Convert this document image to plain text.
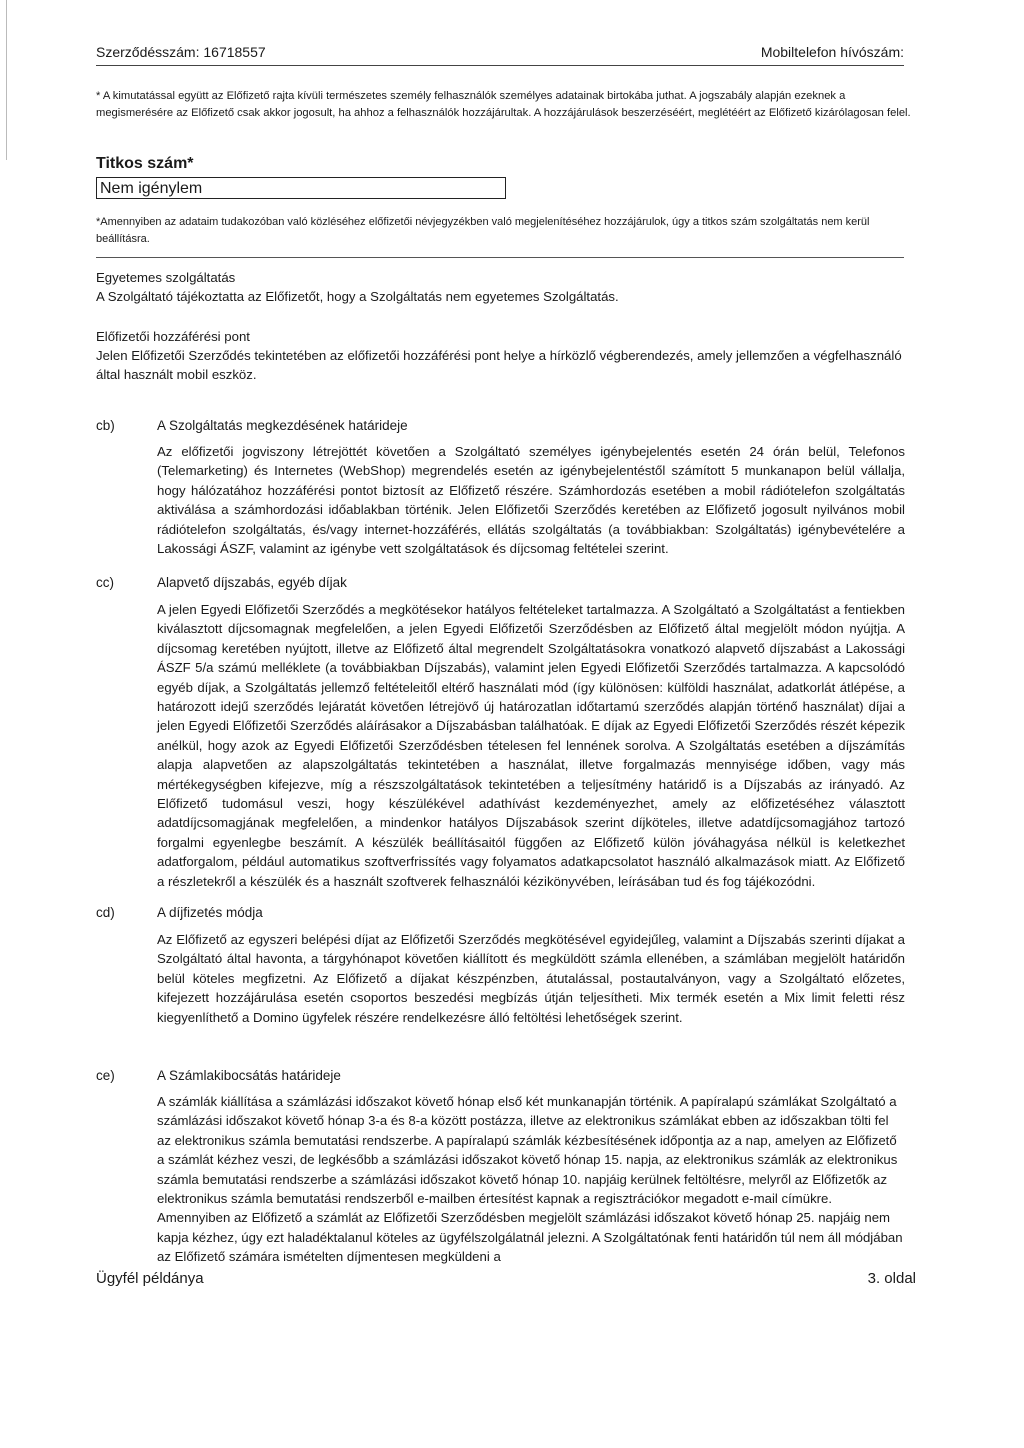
Szerződésszám: 16718557	Mobiltelefon hívószám:
* A kimutatással együtt az Előfizető rajta kívüli természetes személy felhasználók személyes adatainak birtokába juthat. A jogszabály alapján ezeknek a megismerésére az Előfizető csak akkor jogosult, ha ahhoz a felhasználók hozzájárultak. A hozzájárulások beszerzéséért, meglétéért az Előfizető kizárólagosan felel.
Titkos szám*
Nem igénylem
*Amennyiben az adataim tudakozóban való közléséhez előfizetői névjegyzékben való megjelenítéséhez hozzájárulok, úgy a titkos szám szolgáltatás nem kerül beállításra.
Egyetemes szolgáltatás
A Szolgáltató tájékoztatta az Előfizetőt, hogy a Szolgáltatás nem egyetemes Szolgáltatás.
Előfizetői hozzáférési pont
Jelen Előfizetői Szerződés tekintetében az előfizetői hozzáférési pont helye a hírközlő végberendezés, amely jellemzően a végfelhasználó által használt mobil eszköz.
cb)	A Szolgáltatás megkezdésének határideje
Az előfizetői jogviszony létrejöttét követően a Szolgáltató személyes igénybejelentés esetén 24 órán belül, Telefonos (Telemarketing) és Internetes (WebShop) megrendelés esetén az igénybejelentéstől számított 5 munkanapon belül vállalja, hogy hálózatához hozzáférési pontot biztosít az Előfizető részére. Számhordozás esetében a mobil rádiótelefon szolgáltatás aktiválása a számhordozási időablakban történik. Jelen Előfizetői Szerződés keretében az Előfizető jogosult nyilvános mobil rádiótelefon szolgáltatás, és/vagy internet-hozzáférés, ellátás szolgáltatás (a továbbiakban: Szolgáltatás) igénybevételére a Lakossági ÁSZF, valamint az igénybe vett szolgáltatások és díjcsomag feltételei szerint.
cc)	Alapvető díjszabás, egyéb díjak
A jelen Egyedi Előfizetői Szerződés a megkötésekor hatályos feltételeket tartalmazza. A Szolgáltató a Szolgáltatást a fentiekben kiválasztott díjcsomagnak megfelelően, a jelen Egyedi Előfizetői Szerződésben az Előfizető által megjelölt módon nyújtja. A díjcsomag keretében nyújtott, illetve az Előfizető által megrendelt Szolgáltatásokra vonatkozó alapvető díjszabást a Lakossági ÁSZF 5/a számú melléklete (a továbbiakban Díjszabás), valamint jelen Egyedi Előfizetői Szerződés tartalmazza. A kapcsolódó egyéb díjak, a Szolgáltatás jellemző feltételeitől eltérő használati mód (így különösen: külföldi használat, adatkorlát átlépése, a határozott idejű szerződés lejáratát követően létrejövő új határozatlan időtartamú szerződés alapján történő használat) díjai a jelen Egyedi Előfizetői Szerződés aláírásakor a Díjszabásban találhatóak. E díjak az Egyedi Előfizetői Szerződés részét képezik anélkül, hogy azok az Egyedi Előfizetői Szerződésben tételesen fel lennének sorolva. A Szolgáltatás esetében a díjszámítás alapja alapvetően az alapszolgáltatás tekintetében a használat, illetve forgalmazás mennyisége időben, vagy más mértékegységben kifejezve, míg a részszolgáltatások tekintetében a teljesítmény határidő is a Díjszabás az irányadó. Az Előfizető tudomásul veszi, hogy készülékével adathívást kezdeményezhet, amely az előfizetéséhez választott adatdíjcsomagjának megfelelően, a mindenkor hatályos Díjszabások szerint díjköteles, illetve adatdíjcsomagjához tartozó forgalmi egyenlegbe beszámít. A készülék beállításaitól függően az Előfizető külön jóváhagyása nélkül is keletkezhet adatforgalom, például automatikus szoftverfrissítés vagy folyamatos adatkapcsolatot használó alkalmazások miatt. Az Előfizető a részletekről a készülék és a használt szoftverek felhasználói kézikönyvében, leírásában tud és fog tájékozódni.
cd)	A díjfizetés módja
Az Előfizető az egyszeri belépési díjat az Előfizetői Szerződés megkötésével egyidejűleg, valamint a Díjszabás szerinti díjakat a Szolgáltató által havonta, a tárgyhónapot követően kiállított és megküldött számla ellenében, a számlában megjelölt határidőn belül köteles megfizetni. Az Előfizető a díjakat készpénzben, átutalással, postautalványon, vagy a Szolgáltató előzetes, kifejezett hozzájárulása esetén csoportos beszedési megbízás útján teljesítheti. Mix termék esetén a Mix limit feletti rész kiegyenlíthető a Domino ügyfelek részére rendelkezésre álló feltöltési lehetőségek szerint.
ce)	A Számlakibocsátás határideje
A számlák kiállítása a számlázási időszakot követő hónap első két munkanapján történik. A papíralapú számlákat Szolgáltató a számlázási időszakot követő hónap 3-a és 8-a között postázza, illetve az elektronikus számlákat ebben az időszakban tölti fel az elektronikus számla bemutatási rendszerbe. A papíralapú számlák kézbesítésének időpontja az a nap, amelyen az Előfizető a számlát kézhez veszi, de legkésőbb a számlázási időszakot követő hónap 15. napja, az elektronikus számlák az elektronikus számla bemutatási rendszerbe a számlázási időszakot követő hónap 10. napjáig kerülnek feltöltésre, melyről az Előfizetők az elektronikus számla bemutatási rendszerből e-mailben értesítést kapnak a regisztrációkor megadott e-mail címükre. Amennyiben az Előfizető a számlát az Előfizetői Szerződésben megjelölt számlázási időszakot követő hónap 25. napjáig nem kapja kézhez, úgy ezt haladéktalanul köteles az ügyfélszolgálatnál jelezni. A Szolgáltatónak fenti határidőn túl nem áll módjában az Előfizető számára ismételten díjmentesen megküldeni a
Ügyfél példánya	3. oldal
